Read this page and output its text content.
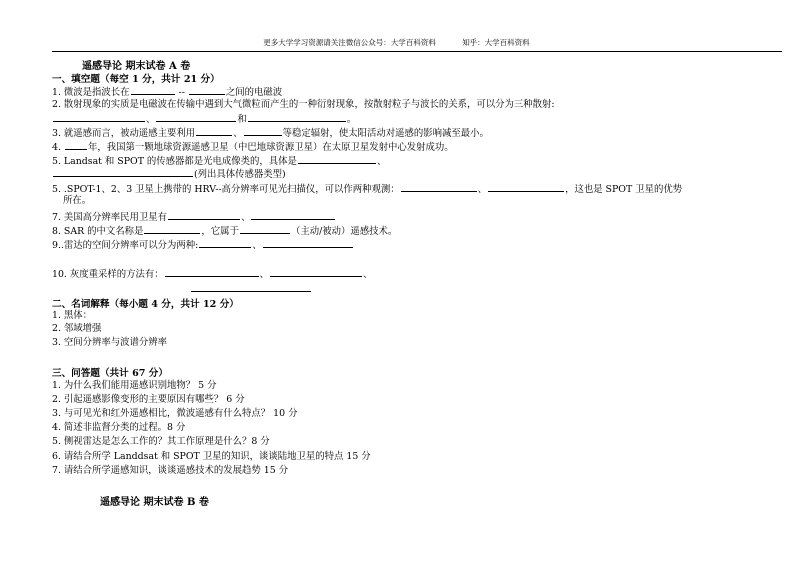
更多大学学习资源请关注微信公众号：大学百科资料	知乎：大学百科资料
遥感导论 期末试卷 A 卷
一、填空题（每空 1 分，共计 21 分）
1. 微波是指波长在	--	之间的电磁波
2. 散射现象的实质是电磁波在传输中遇到大气微粒而产生的一种衍射现象，按散射粒子与波长的关系，可以分为三种散射:
、	和	。
3. 就遥感而言，被动遥感主要利用	、	等稳定辐射，使太阳活动对遥感的影响减至最小。
4.	年，我国第一颗地球资源遥感卫星（中巴地球资源卫星）在太原卫星发射中心发射成功。
5. Landsat 和 SPOT 的传感器都是光电成像类的，具体是	、
(列出具体传感器类型)
5. .SPOT-1、2、3 卫星上携带的 HRV--高分辨率可见光扫描仪，可以作两种观测：	、	，这也是 SPOT 卫星的优势
所在。
7. 美国高分辨率民用卫星有	、
8. SAR 的中文名称是	，它属于	（主动/被动）遥感技术。
9..雷达的空间分辨率可以分为两种:	、
10. 灰度重采样的方法有：	、	、
二、名词解释（每小题 4 分，共计 12 分）
1. 黑体：
2. 邻域增强
3. 空间分辨率与波谱分辨率
三、问答题（共计 67 分）
1. 为什么我们能用遥感识别地物？ 5 分
2. 引起遥感影像变形的主要原因有哪些？ 6 分
3. 与可见光和红外遥感相比，微波遥感有什么特点？ 10 分
4. 简述非监督分类的过程。8 分
5. 侧视雷达是怎么工作的？其工作原理是什么？8 分
6. 请结合所学 Landdsat 和 SPOT 卫星的知识，谈谈陆地卫星的特点 15 分
7. 请结合所学遥感知识，谈谈遥感技术的发展趋势 15 分
遥感导论 期末试卷 B 卷
